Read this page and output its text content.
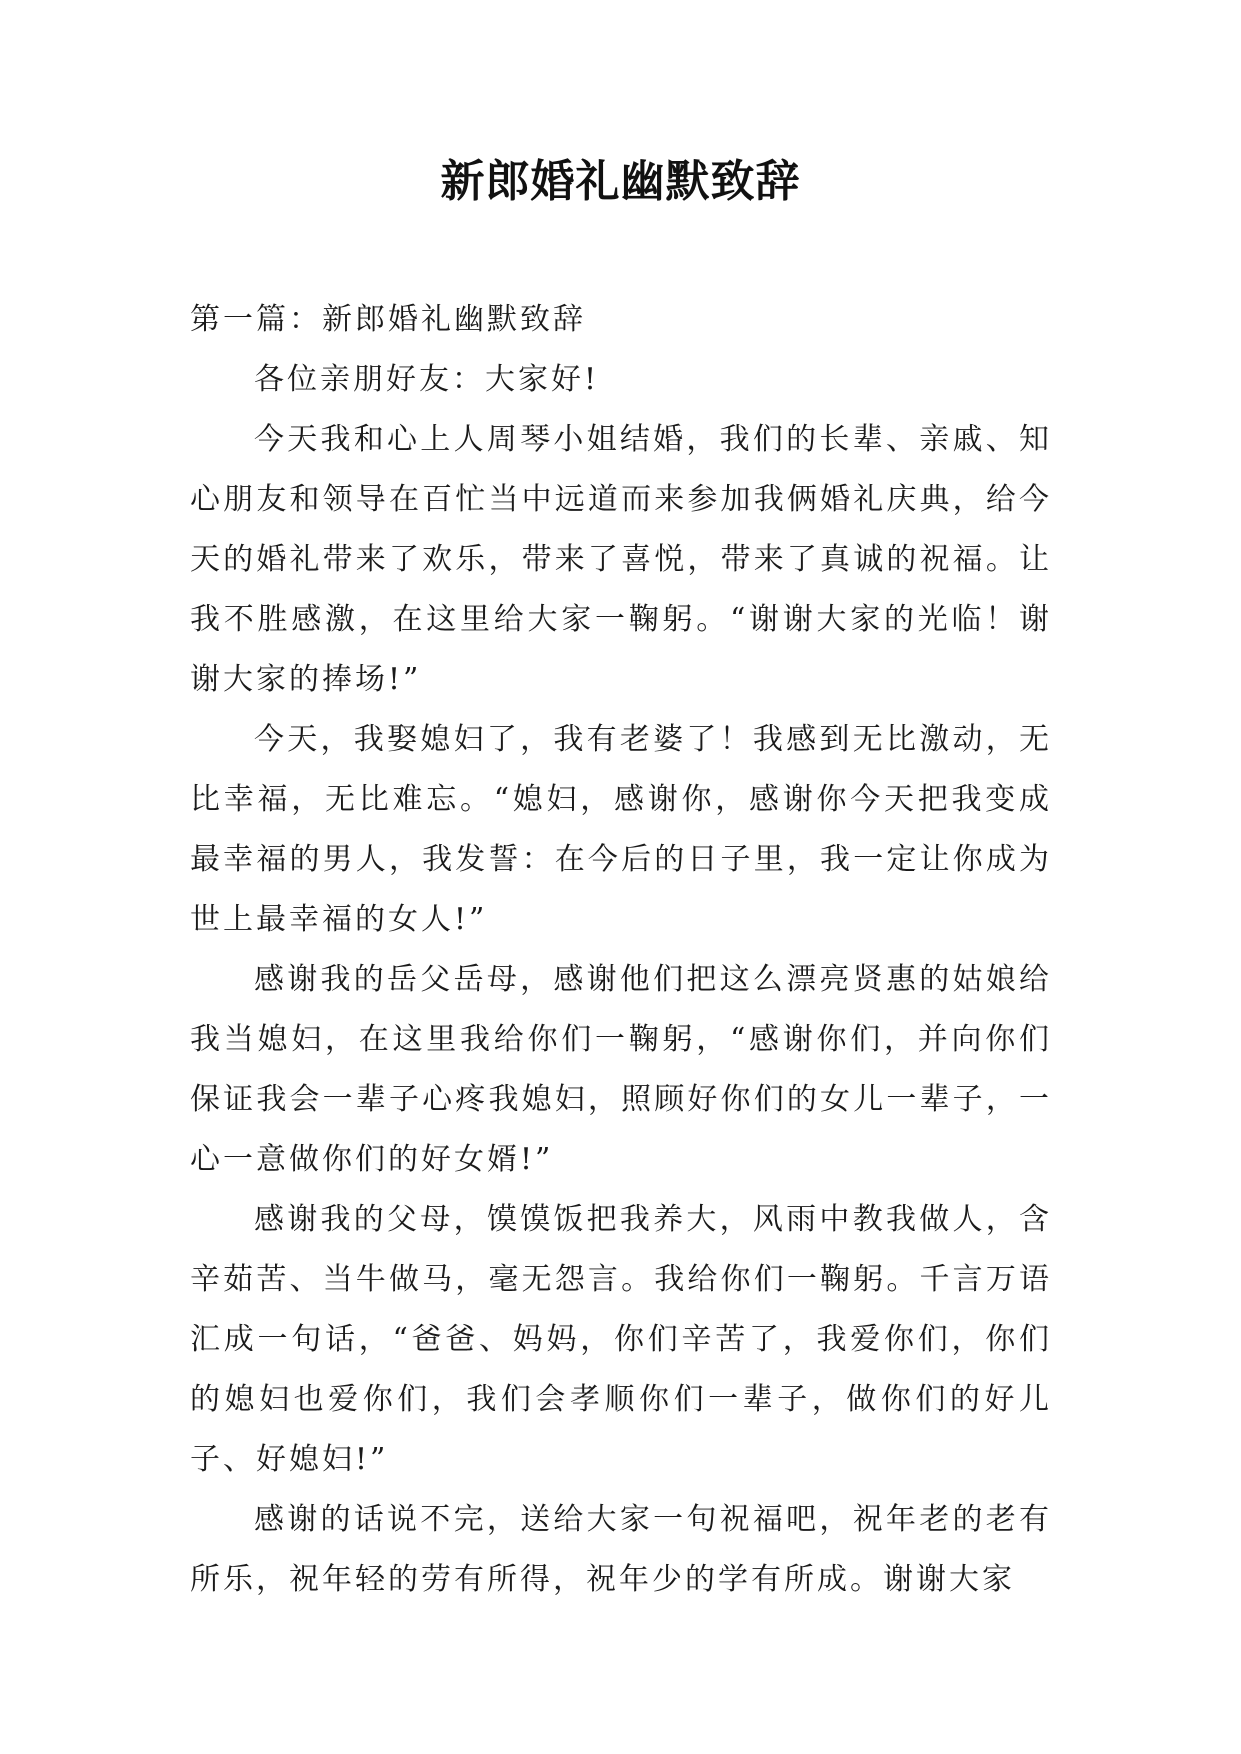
新郎婚礼幽默致辞

第一篇：新郎婚礼幽默致辞

各位亲朋好友：大家好!

今天我和心上人周琴小姐结婚，我们的长辈、亲戚、知心朋友和领导在百忙当中远道而来参加我俩婚礼庆典，给今天的婚礼带来了欢乐，带来了喜悦，带来了真诚的祝福。让我不胜感激，在这里给大家一鞠躬。“谢谢大家的光临！谢谢大家的捧场!”

今天，我娶媳妇了，我有老婆了！我感到无比激动，无比幸福，无比难忘。“媳妇，感谢你，感谢你今天把我变成最幸福的男人，我发誓：在今后的日子里，我一定让你成为世上最幸福的女人!”

感谢我的岳父岳母，感谢他们把这么漂亮贤惠的姑娘给我当媳妇，在这里我给你们一鞠躬，“感谢你们，并向你们保证我会一辈子心疼我媳妇，照顾好你们的女儿一辈子，一心一意做你们的好女婿!”

感谢我的父母，馍馍饭把我养大，风雨中教我做人，含辛茹苦、当牛做马，毫无怨言。我给你们一鞠躬。千言万语汇成一句话，“爸爸、妈妈，你们辛苦了，我爱你们，你们的媳妇也爱你们，我们会孝顺你们一辈子，做你们的好儿子、好媳妇!”

感谢的话说不完，送给大家一句祝福吧，祝年老的老有所乐，祝年轻的劳有所得，祝年少的学有所成。谢谢大家
